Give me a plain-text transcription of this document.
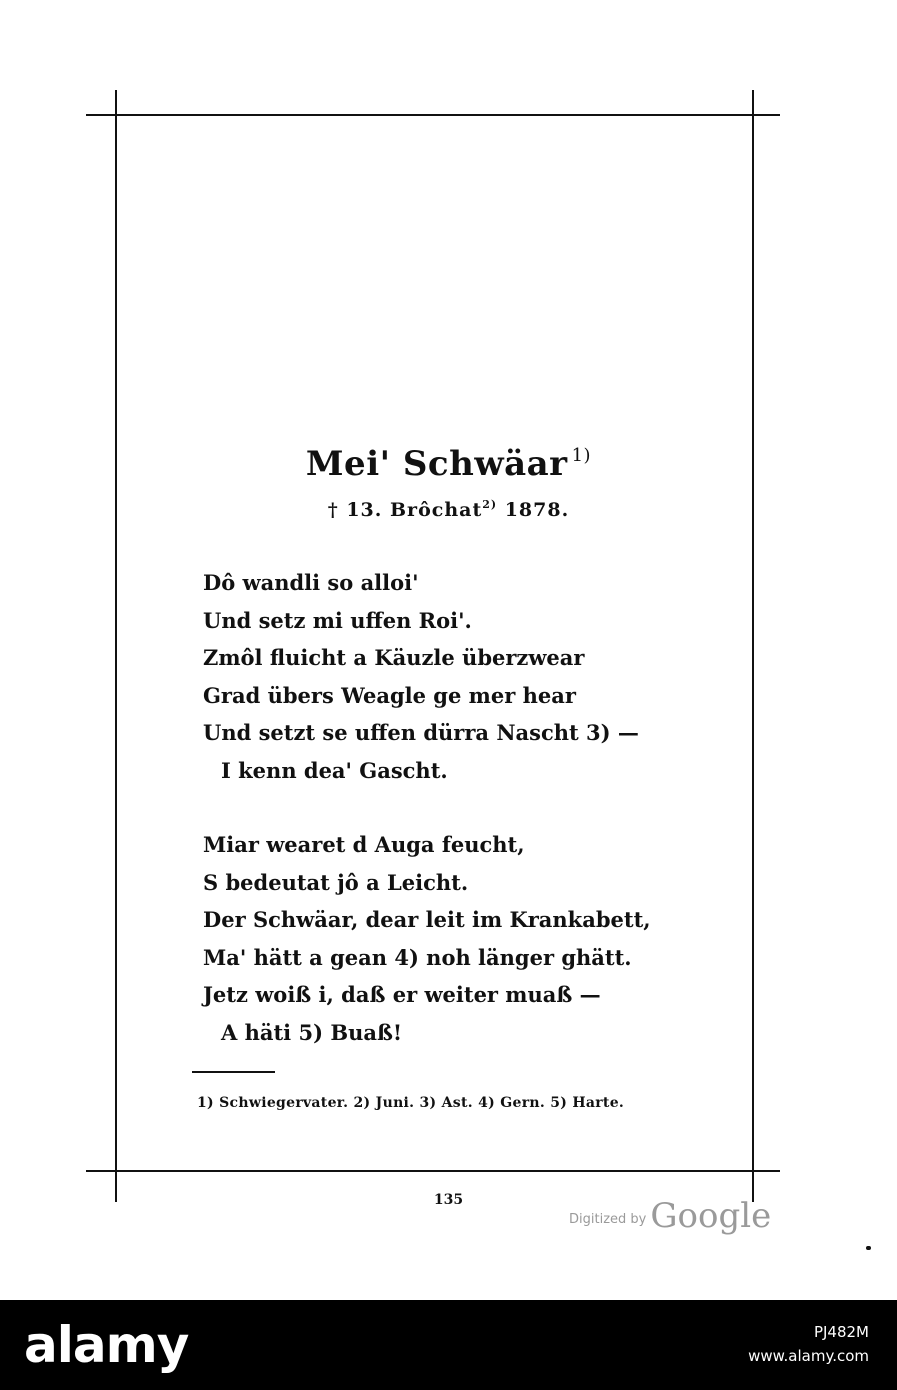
Mei' Schwäar $^{1)}$
† 13. Brôchat$^{2)}$ 1878.
Dô wandli so alloi'
Und setz mi uffen Roi'.
Zmôl fluicht a Käuzle überzwear
Grad übers Weagle ge mer hear
Und setzt se uffen dürra Nascht 3) —
I kenn dea' Gascht.
Miar wearet d Auga feucht,
S bedeutat jô a Leicht.
Der Schwäar, dear leit im Krankabett,
Ma' hätt a gean 4) noh länger ghätt.
Jetz woiß i, daß er weiter muaß —
A häti 5) Buaß!
1) Schwiegervater. 2) Juni. 3) Ast. 4) Gern. 5) Harte.
135
Digitized by Google
alamy	PJ482M
www.alamy.com
